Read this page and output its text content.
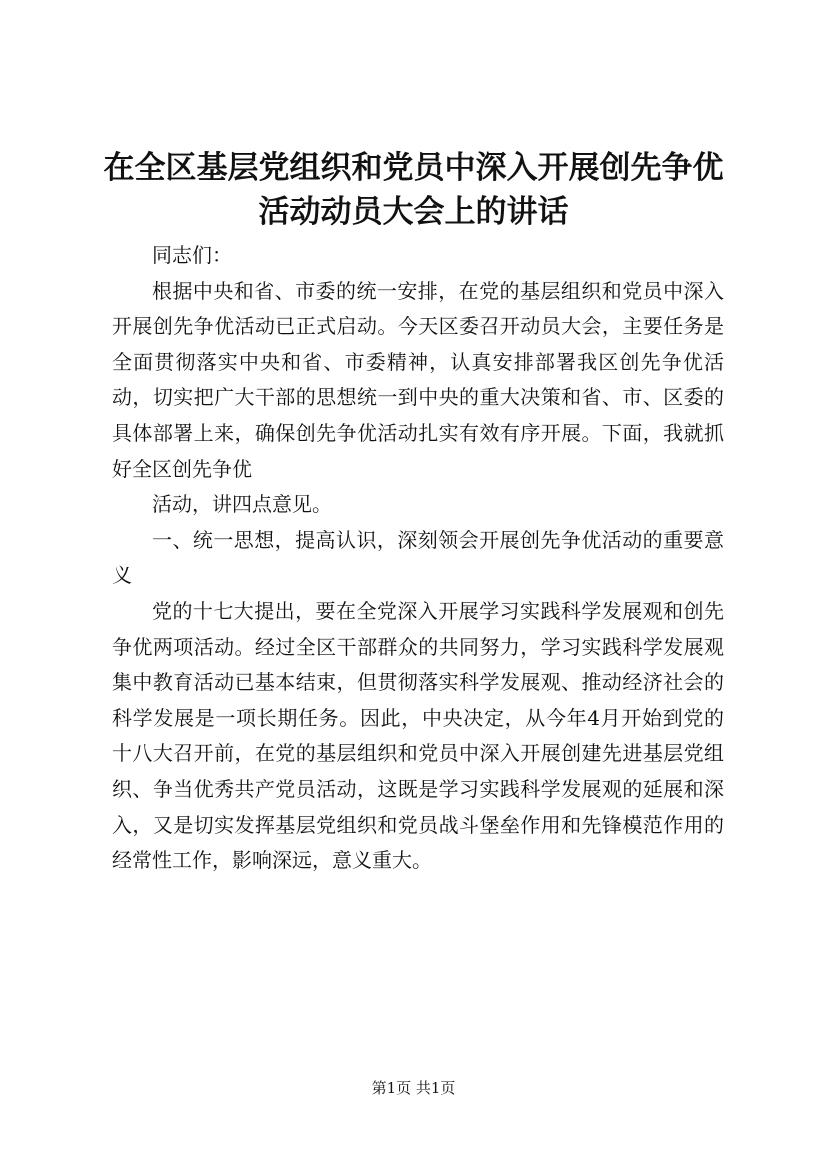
在全区基层党组织和党员中深入开展创先争优活动动员大会上的讲话

同志们：

根据中央和省、市委的统一安排，在党的基层组织和党员中深入开展创先争优活动已正式启动。今天区委召开动员大会，主要任务是全面贯彻落实中央和省、市委精神，认真安排部署我区创先争优活动，切实把广大干部的思想统一到中央的重大决策和省、市、区委的具体部署上来，确保创先争优活动扎实有效有序开展。下面，我就抓好全区创先争优

活动，讲四点意见。

一、统一思想，提高认识，深刻领会开展创先争优活动的重要意义

党的十七大提出，要在全党深入开展学习实践科学发展观和创先争优两项活动。经过全区干部群众的共同努力，学习实践科学发展观集中教育活动已基本结束，但贯彻落实科学发展观、推动经济社会的科学发展是一项长期任务。因此，中央决定，从今年4月开始到党的十八大召开前，在党的基层组织和党员中深入开展创建先进基层党组织、争当优秀共产党员活动，这既是学习实践科学发展观的延展和深入，又是切实发挥基层党组织和党员战斗堡垒作用和先锋模范作用的经常性工作，影响深远，意义重大。

第1页 共1页
